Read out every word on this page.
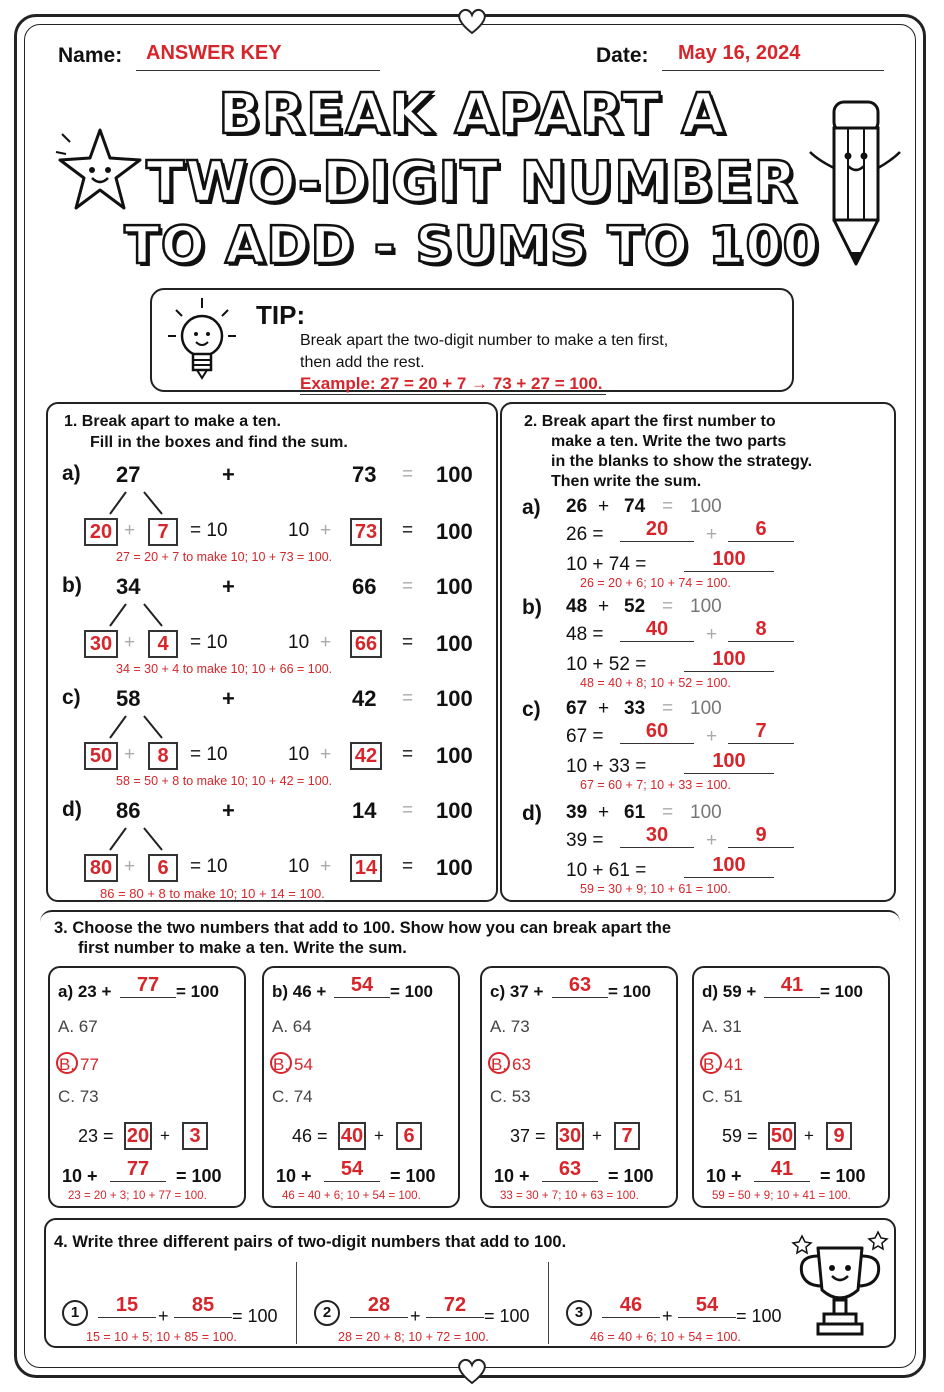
Name: ANSWER KEY	Date: May 16, 2024
BREAK APART A
TWO-DIGIT NUMBER
TO ADD - SUMS TO 100
TIP:
Break apart the two-digit number to make a ten first,
then add the rest.
Example: 27 = 20 + 7 → 73 + 27 = 100.
1. Break apart to make a ten.
Fill in the boxes and find the sum.
a) 27	+	73 = 100
20 +	7	= 10	10 + 73 = 100
27 = 20 + 7 to make 10; 10 + 73 = 100.
b) 34	+	66 = 100
30 +	4	= 10	10 + 66 = 100
34 = 30 + 4 to make 10; 10 + 66 = 100.
c) 58	+	42 = 100
50 +	8	= 10	10 + 42 = 100
58 = 50 + 8 to make 10; 10 + 42 = 100.
d) 86	+	14 = 100
80 +	6	= 10	10 + 14 = 100
86 = 80 + 8 to make 10; 10 + 14 = 100.
2. Break apart the first number to
make a ten. Write the two parts
in the blanks to show the strategy.
Then write the sum.
a) 26 + 74 = 100
26 =	20	+	6
10 + 74 =	100
26 = 20 + 6; 10 + 74 = 100.
b) 48 + 52 = 100
48 =	40	+	8
10 + 52 =	100
48 = 40 + 8; 10 + 52 = 100.
c) 67 + 33 = 100
67 =	60	+	7
10 + 33 =	100
67 = 60 + 7; 10 + 33 = 100.
d) 39 + 61 = 100
39 =	30	+	9
10 + 61 =	100
59 = 30 + 9; 10 + 61 = 100.
3. Choose the two numbers that add to 100. Show how you can break apart the
first number to make a ten. Write the sum.
a) 23 +	77 = 100
A. 67
B. 77
C. 73
23 = 20 + 3
10 +	77	= 100
23 = 20 + 3; 10 + 77 = 100.
b) 46 +	54 = 100
A. 64
B. 54
C. 74
46 = 40 + 6
10 +	54	= 100
46 = 40 + 6; 10 + 54 = 100.
c) 37 +	63 = 100
A. 73
B. 63
C. 53
37 = 30 + 7
10 +	63	= 100
33 = 30 + 7; 10 + 63 = 100.
d) 59 +	41 = 100
A. 31
B. 41
C. 51
59 = 50 + 9
10 +	41	= 100
59 = 50 + 9; 10 + 41 = 100.
4. Write three different pairs of two-digit numbers that add to 100.
1	15	+	85 = 100
15 = 10 + 5; 10 + 85 = 100.
2	28	+	72 = 100
28 = 20 + 8; 10 + 72 = 100.
3	46	+	54 = 100
46 = 40 + 6; 10 + 54 = 100.
